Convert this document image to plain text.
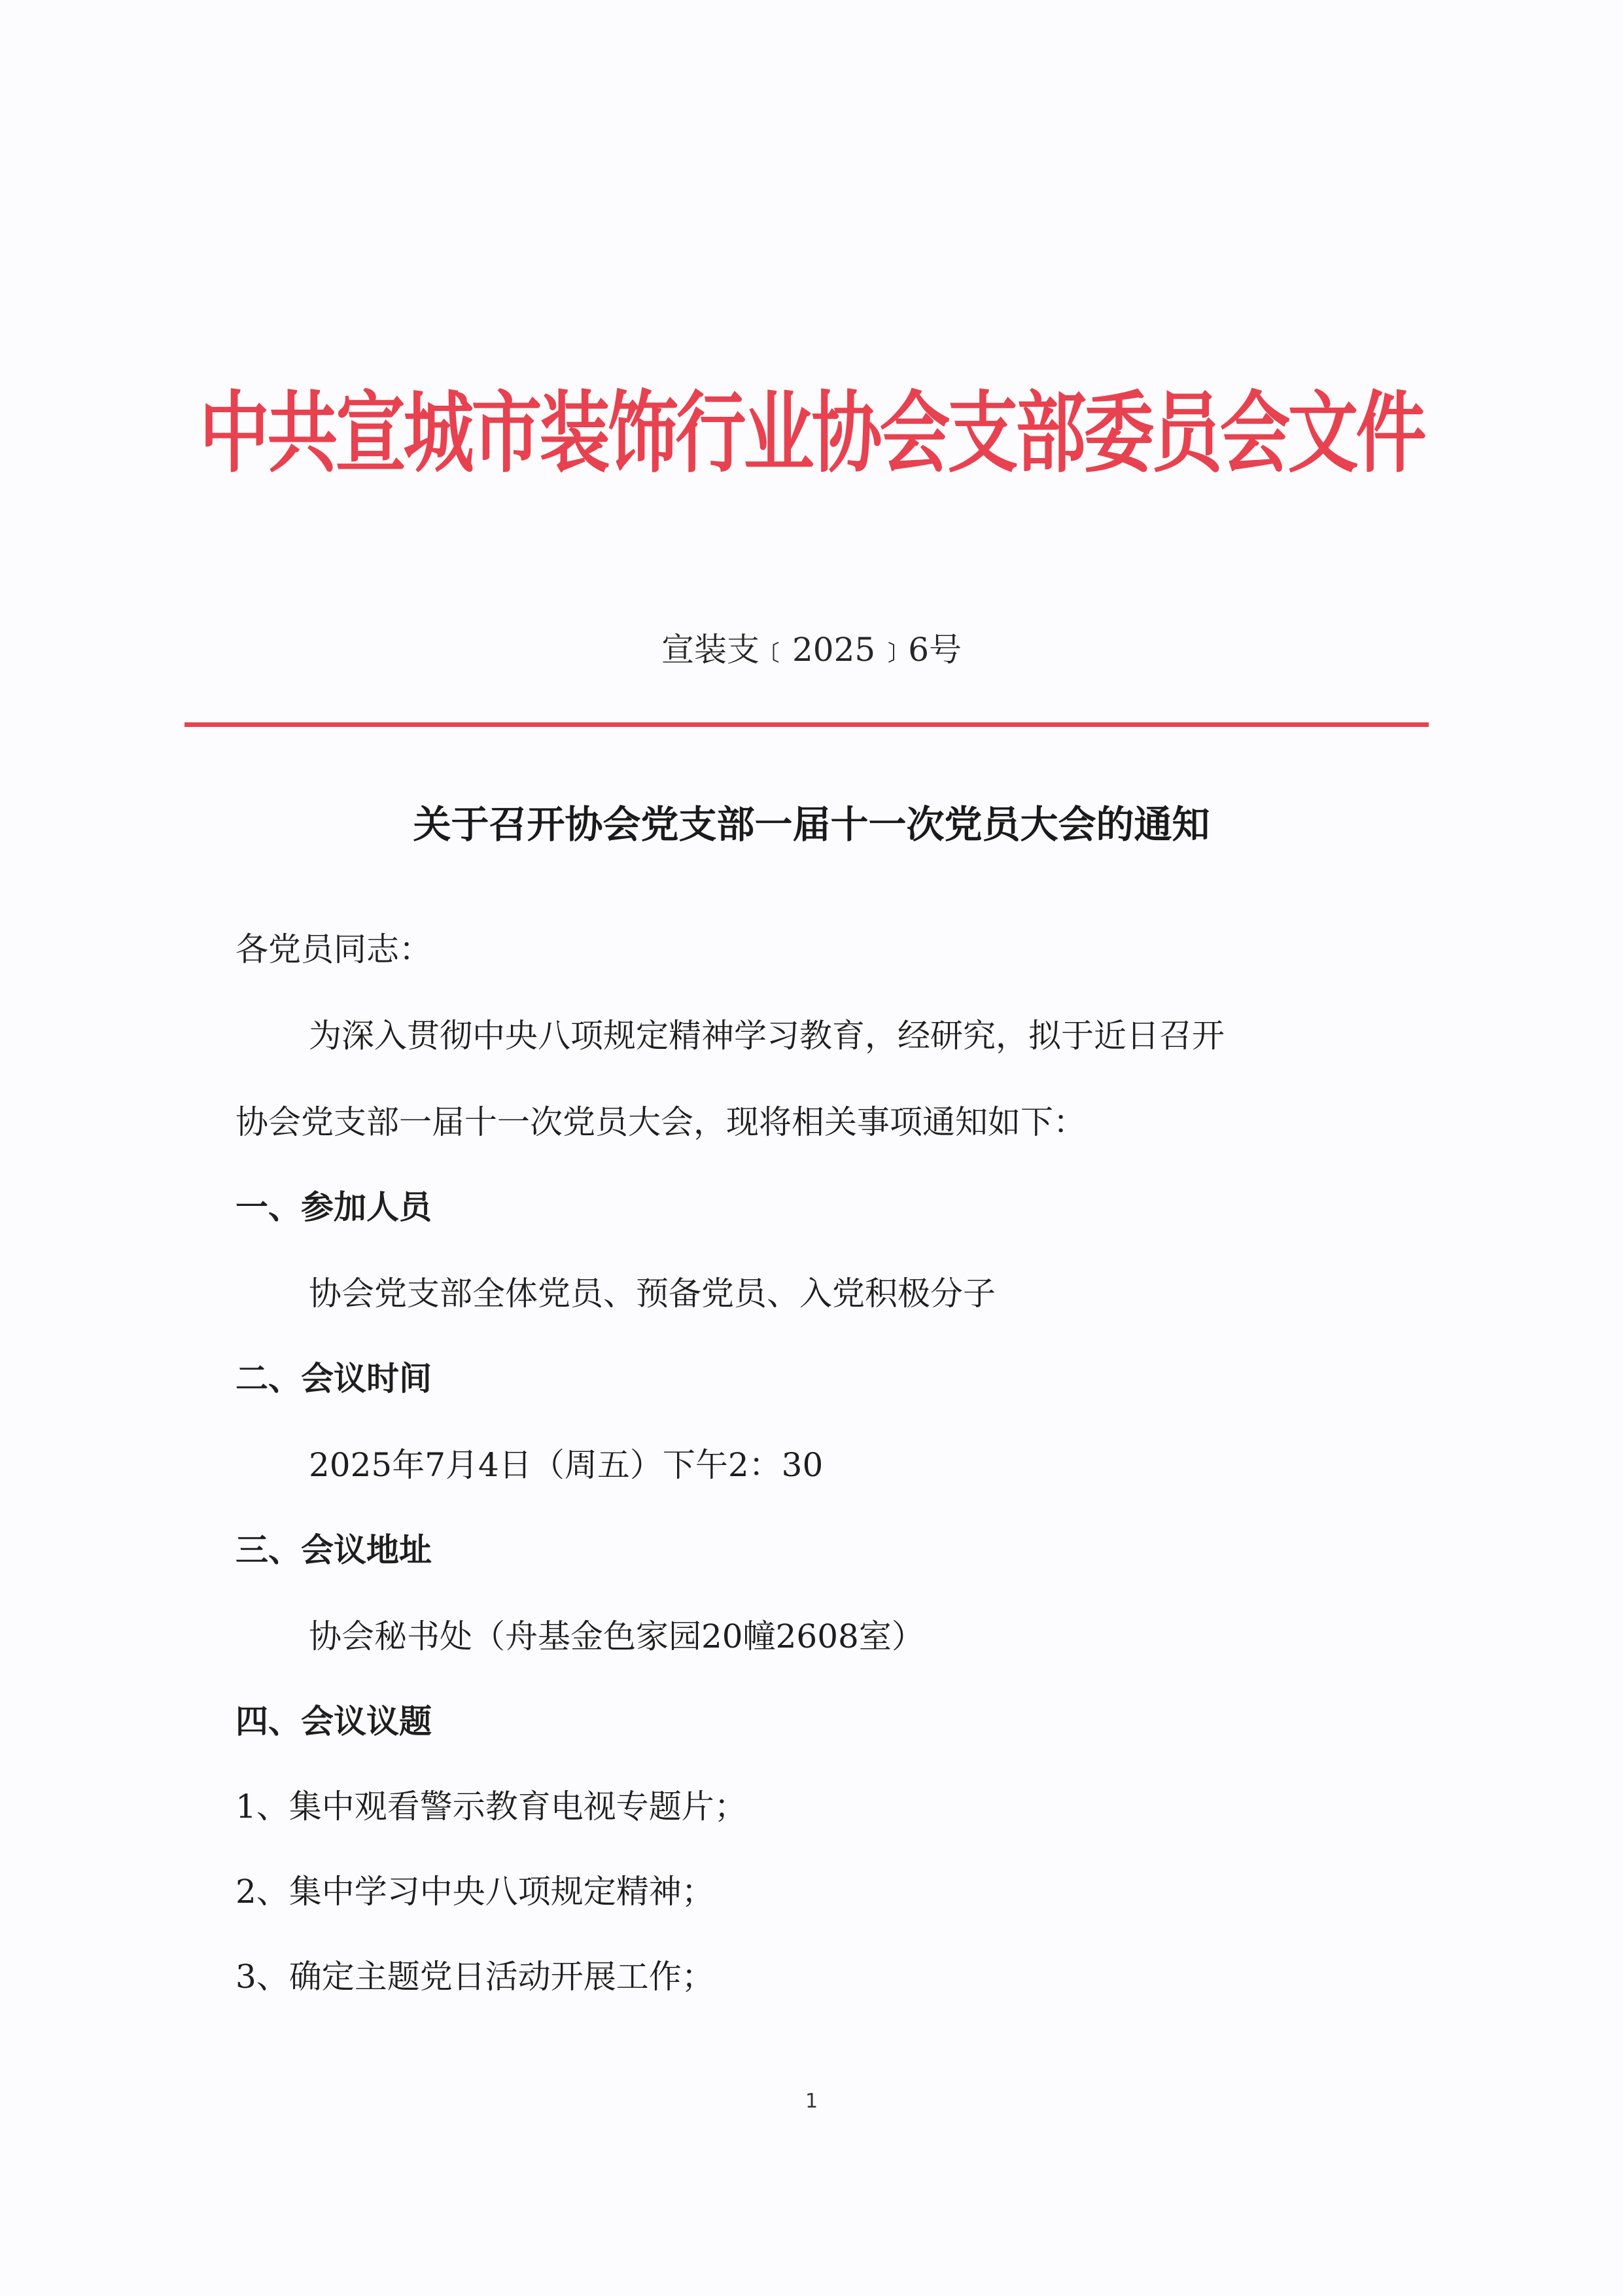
中共宣城市装饰行业协会支部委员会文件
宣装支﹝2025﹞6号
关于召开协会党支部一届十一次党员大会的通知
各党员同志：
为深入贯彻中央八项规定精神学习教育，经研究，拟于近日召开
协会党支部一届十一次党员大会，现将相关事项通知如下：
一、参加人员
协会党支部全体党员、预备党员、入党积极分子
二、会议时间
2025年7月4日（周五）下午2：30
三、会议地址
协会秘书处（舟基金色家园20幢2608室）
四、会议议题
1、集中观看警示教育电视专题片；
2、集中学习中央八项规定精神；
3、确定主题党日活动开展工作；
1
